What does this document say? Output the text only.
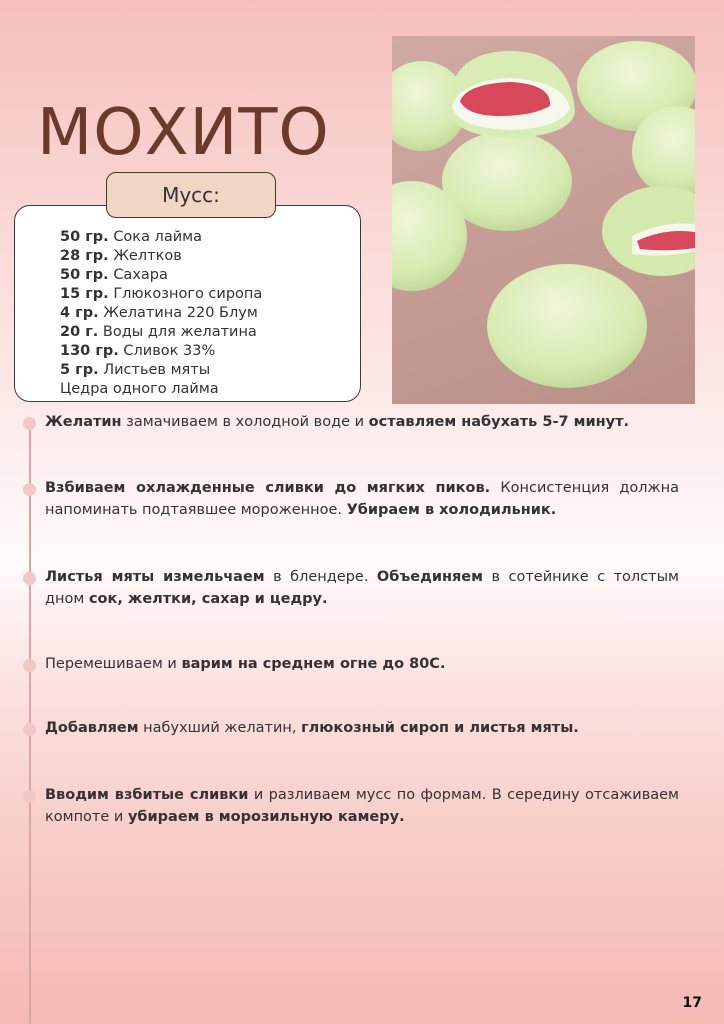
МОХИТО
Мусс:
50 гр. Сока лайма
28 гр. Желтков
50 гр. Сахара
15 гр. Глюкозного сиропа
4 гр. Желатина 220 Блум
20 г. Воды для желатина
130 гр. Сливок 33%
5 гр. Листьев мяты
Цедра одного лайма

Желатин замачиваем в холодной воде и оставляем набухать 5-7 минут.

Взбиваем охлажденные сливки до мягких пиков. Консистенция должна напоминать подтаявшее мороженное. Убираем в холодильник.

Листья мяты измельчаем в блендере. Объединяем в сотейнике с толстым дном сок, желтки, сахар и цедру.

Перемешиваем и варим на среднем огне до 80С.

Добавляем набухший желатин, глюкозный сироп и листья мяты.

Вводим взбитые сливки и разливаем мусс по формам. В середину отсаживаем компоте и убираем в морозильную камеру.

17
